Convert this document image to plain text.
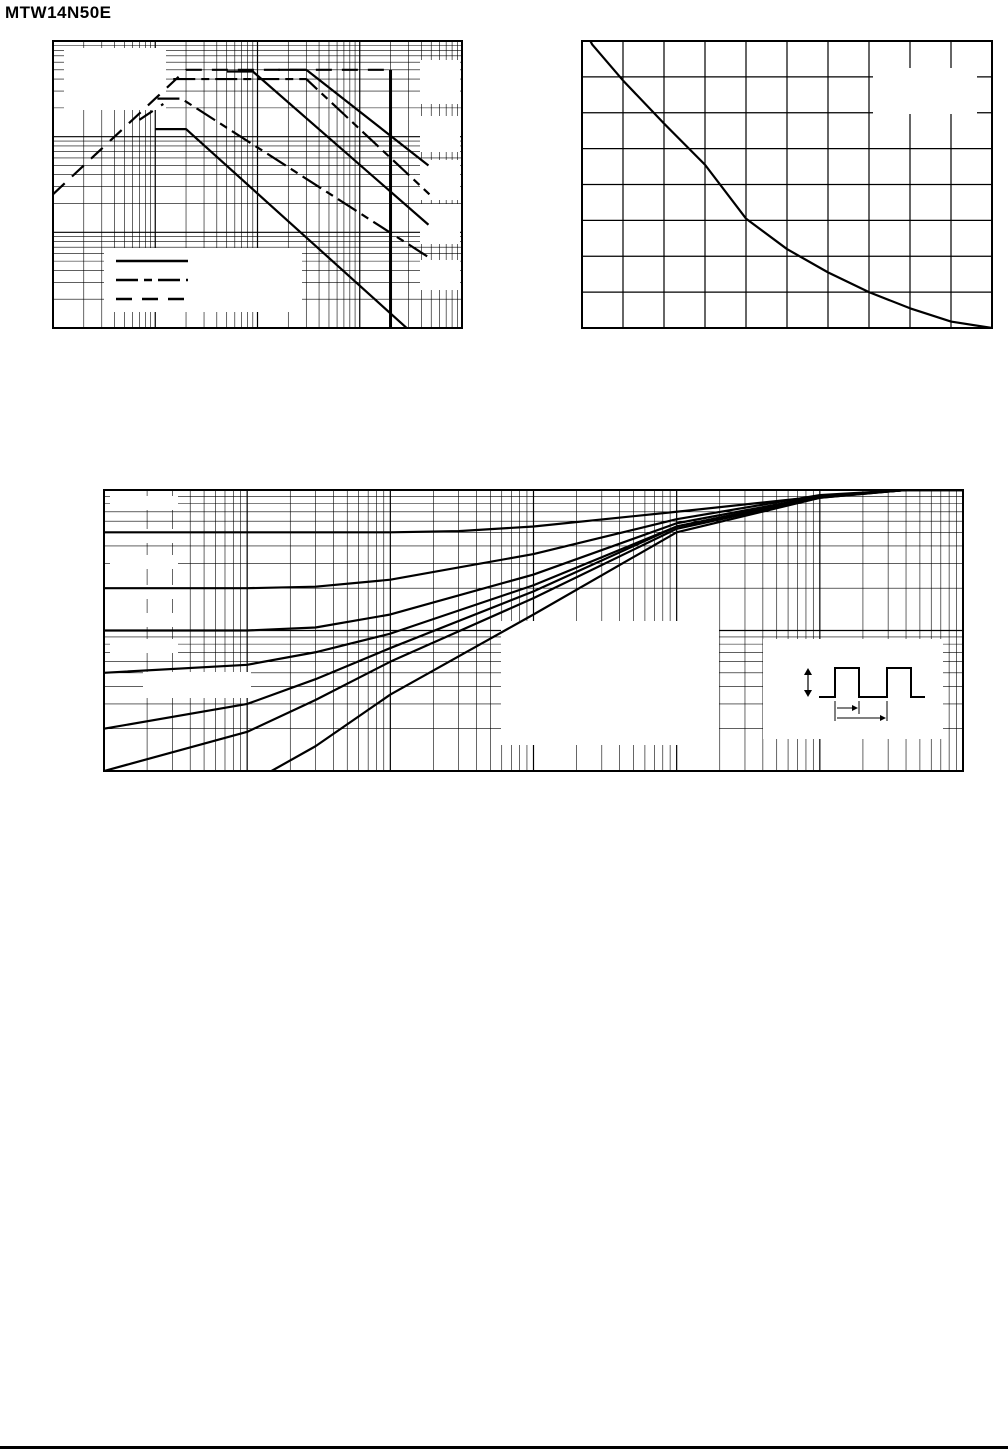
MTW14N50E
